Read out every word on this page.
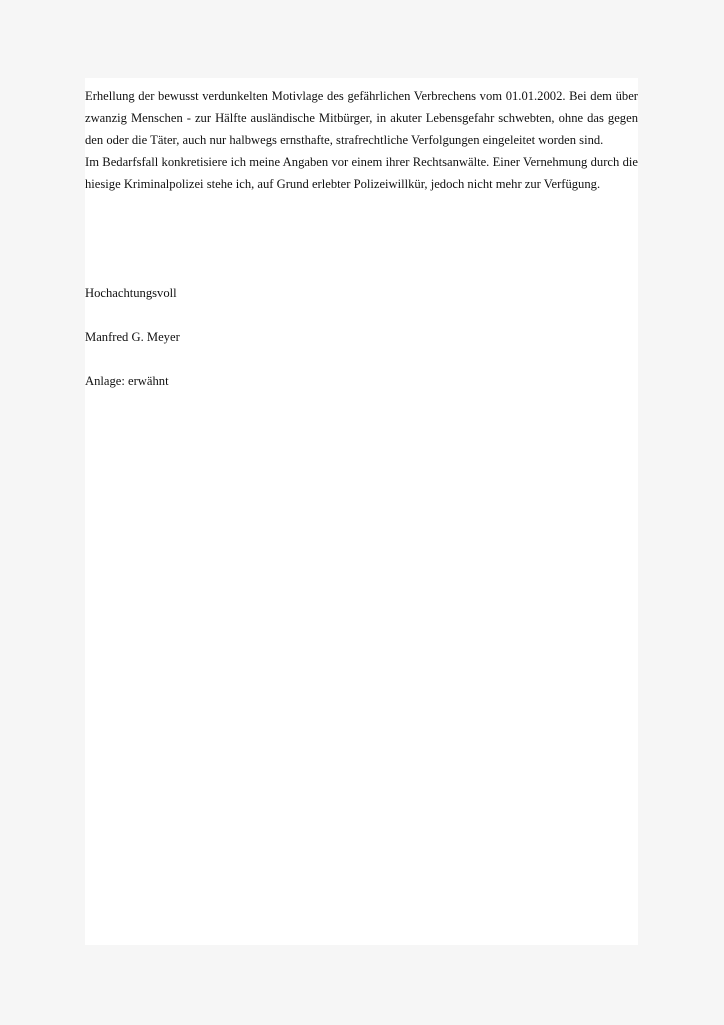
Erhellung der bewusst verdunkelten Motivlage des gefährlichen Verbrechens vom 01.01.2002. Bei dem über zwanzig Menschen - zur Hälfte ausländische Mitbürger, in akuter Lebensgefahr schwebten, ohne das gegen den oder die Täter, auch nur halbwegs ernsthafte, strafrechtliche Verfolgungen eingeleitet worden sind.

Im Bedarfsfall konkretisiere ich meine Angaben vor einem ihrer Rechtsanwälte. Einer Vernehmung durch die hiesige Kriminalpolizei stehe ich, auf Grund erlebter Polizeiwillkür, jedoch nicht mehr zur Verfügung.

Hochachtungsvoll
Manfred G. Meyer
Anlage: erwähnt
